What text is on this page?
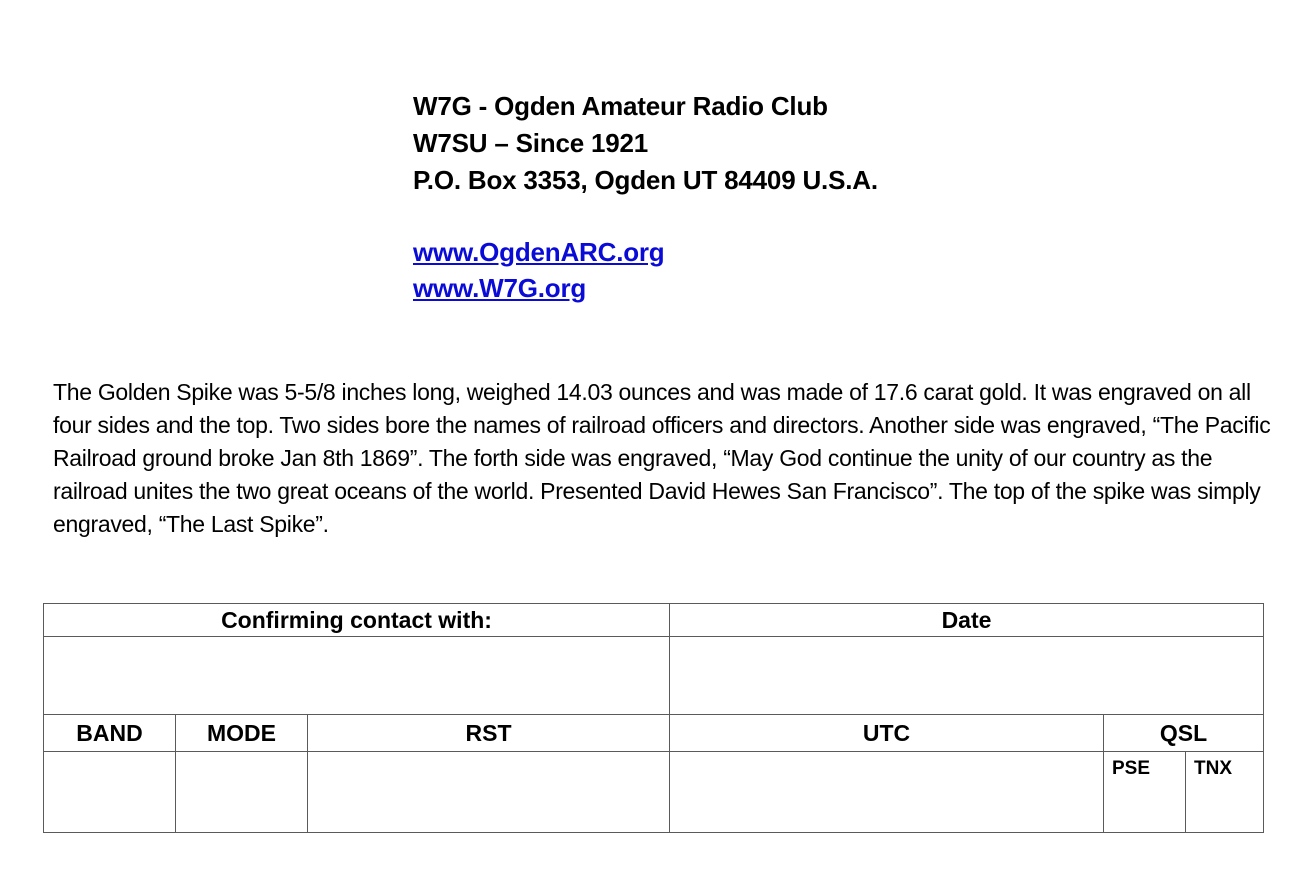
W7G - Ogden Amateur Radio Club
W7SU – Since 1921
P.O. Box 3353, Ogden UT 84409 U.S.A.
www.OgdenARC.org
www.W7G.org

The Golden Spike was 5-5/8 inches long, weighed 14.03 ounces and was made of 17.6 carat gold. It was engraved on all four sides and the top. Two sides bore the names of railroad officers and directors. Another side was engraved, “The Pacific Railroad ground broke Jan 8th 1869”. The forth side was engraved, “May God continue the unity of our country as the railroad unites the two great oceans of the world. Presented David Hewes San Francisco”. The top of the spike was simply engraved, “The Last Spike”.

Confirming contact with:			Date		

BAND	MODE	RST	UTC	QSL	
				PSE	TNX
